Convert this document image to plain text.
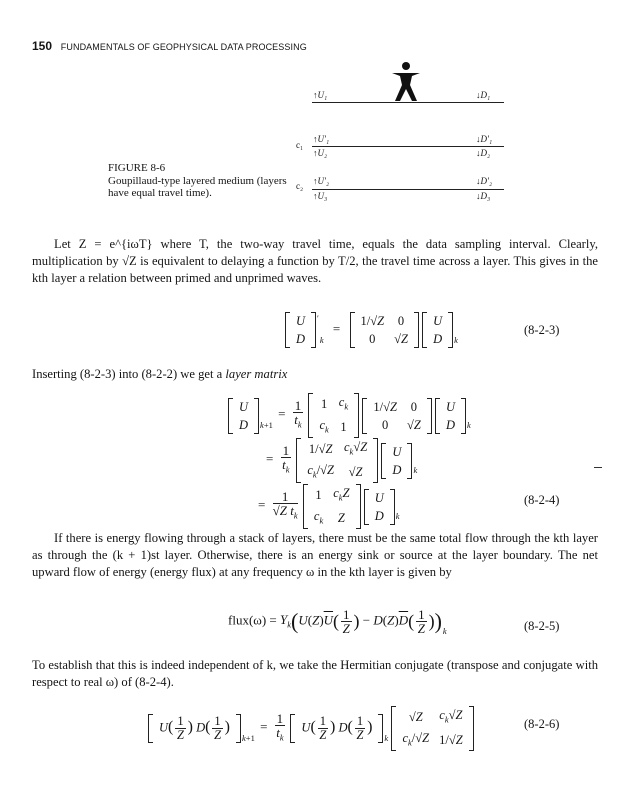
150 FUNDAMENTALS OF GEOPHYSICAL DATA PROCESSING
↑U₁	↓D₁
c₁
↑U′₁	↓D′₁
↑U₂	↓D₂
c₂ ↑U′₂	↓D′₂
↑U₃	↓D₃
FIGURE 8-6
Goupillaud-type layered medium (layers
have equal travel time).

Let Z = e^{iωT} where T, the two-way travel time, equals the data sampling interval. Clearly, multiplication by √Z is equivalent to delaying a function by T/2, the travel time across a layer. This gives in the kth layer a relation between primed and unprimed waves.

U
D
′$_k$ = 1/√Z	0
0	√Z

U
D $_k$
(8-2-3)

Inserting (8-2-3) into (8-2-2) we get a layer matrix

U
D $_{k+1} = \frac{1}{t_k}$
1	$c_k$
$c_k$	1

1/√Z	0
0	√Z

U
D $_k$
= $\frac{1}{t_k}$
1/√Z	$c_k√Z$
$c_k/√Z$	√Z

U
D $_k$
= $\frac{1}{√Z t_k}$
1	$c_kZ$
$c_k$	Z

U
D $_k$
(8-2-4)

If there is energy flowing through a stack of layers, there must be the same total flow through the kth layer as through the (k + 1)st layer. Otherwise, there is an energy sink or source at the layer boundary. The net upward flow of energy (energy flux) at any frequency ω in the kth layer is given by

flux(ω) = $Y_k(U(Z)\overline{U}( \frac{1}{Z}$ ) − $D(Z)\overline{D}( \frac{1}{Z} ))_k$	(8-2-5)

To establish that this is indeed independent of k, we take the Hermitian conjugate (transpose and conjugate with respect to real ω) of (8-2-4).

$U( \frac{1}{Z}$ ) $D( \frac{1}{Z}$ )
$_{k+1} = \frac{1}{t_k}$
$U( \frac{1}{Z}$ ) $D( \frac{1}{Z}$ )
$_k$
√Z	$c_k√Z$
$c_k/√Z$	1/√Z
(8-2-6)
